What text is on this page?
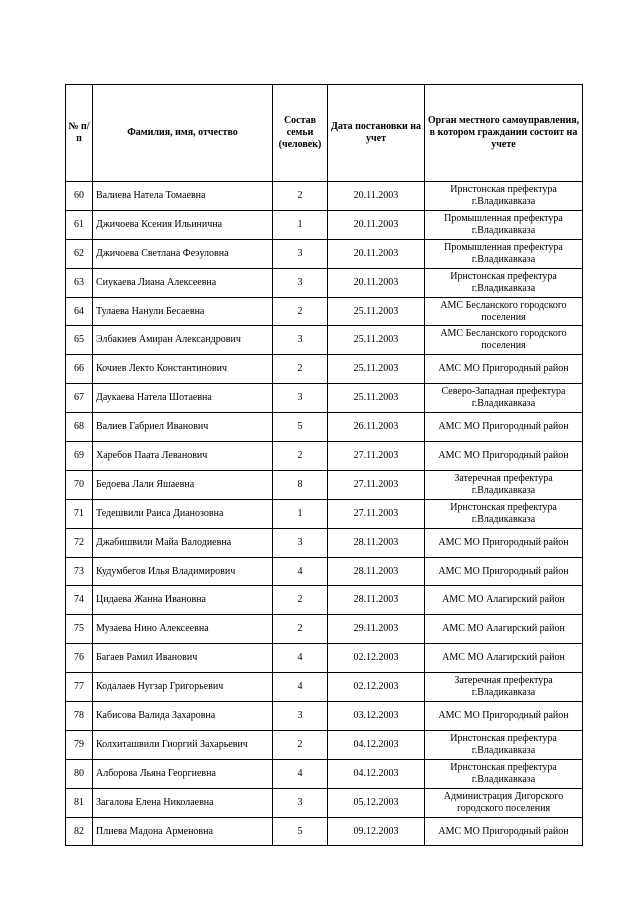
№ п/п	Фамилия, имя, отчество	Состав семьи (человек)	Дата постановки на учет	Орган местного самоуправления, в котором граждании состоит на учете
60	Валиева Натела Томаевна	2	20.11.2003	Ирнстонская префектура г.Владикавказа
61	Джичоева Ксения Ильинична	1	20.11.2003	Промышленная префектура г.Владикавказа
62	Джичоева Светлана Феэуловна	3	20.11.2003	Промышленная префектура г.Владикавказа
63	Сиукаева Лиана Алексеевна	3	20.11.2003	Ирнстонская префектура г.Владикавказа
64	Тулаева Нанули Бесаевна	2	25.11.2003	АМС Бесланского городского поселения
65	Элбакиев Амиран Александрович	3	25.11.2003	АМС Бесланского городского поселения
66	Кочиев Лекто Константинович	2	25.11.2003	АМС МО Пригородный район
67	Даукаева Натела Шотаевна	3	25.11.2003	Северо-Западная префектура г.Владикавказа
68	Валиев Габриел Иванович	5	26.11.2003	АМС МО Пригородный район
69	Харебов Паата Леванович	2	27.11.2003	АМС МО Пригородный район
70	Бедоева Лали Яшаевна	8	27.11.2003	Затеречная префектура г.Владикавказа
71	Тедешвили Раиса Дианозовна	1	27.11.2003	Ирнстонская префектура г.Владикавказа
72	Джабишвили Майа Валодиевна	3	28.11.2003	АМС МО Пригородный район
73	Кудумбегов Илья Владимирович	4	28.11.2003	АМС МО Пригородный район
74	Цидаева Жанна Ивановна	2	28.11.2003	АМС МО Алагирский район
75	Музаева Нино Алексеевна	2	29.11.2003	АМС МО Алагирский район
76	Багаев Рамил Иванович	4	02.12.2003	АМС МО Алагирский район
77	Кодалаев Нугзар Григорьевич	4	02.12.2003	Затеречная префектура г.Владикавказа
78	Кабисова Валида Захаровна	3	03.12.2003	АМС МО Пригородный район
79	Колхиташвили Гиоргий Захарьевич	2	04.12.2003	Ирнстонская префектура г.Владикавказа
80	Алборова Льяна Георгиевна	4	04.12.2003	Ирнстонская префектура г.Владикавказа
81	Загалова Елена Николаевна	3	05.12.2003	Администрация Дигорского городского поселения
82	Плиева Мадона Арменовна	5	09.12.2003	АМС МО Пригородный район
